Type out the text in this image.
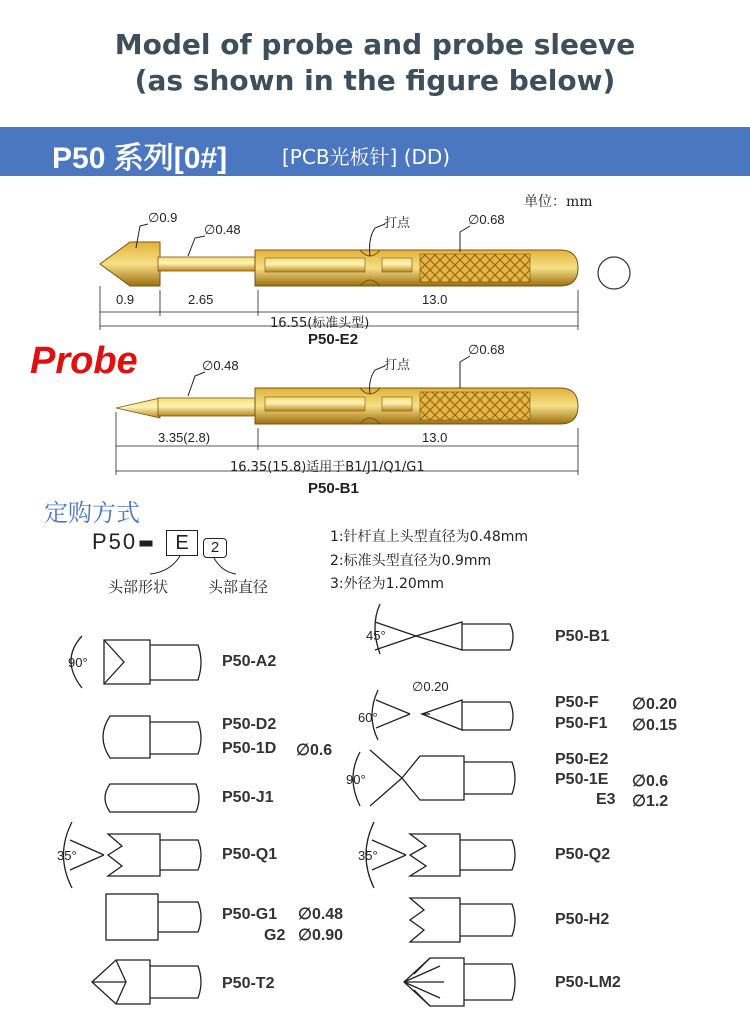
Model of probe and probe sleeve
(as shown in the figure below)
P50 系列[0#]	[PCB光板针] (DD)
单位：mm
∅0.9
∅0.48	打点	∅0.68
0.9	2.65	13.0
16.55(标准头型)
P50-E2
Probe	∅0.48	打点
∅0.68
3.35(2.8)	13.0
16.35(15.8)适用于B1/J1/Q1/G1
P50-B1
定购方式
P50	E	2
头部形状	头部直径
1:针杆直上头型直径为0.48mm
2:标准头型直径为0.9mm
3:外径为1.20mm
90°	P50-A2
P50-D2
P50-1D ∅0.6
P50-J1
35°	P50-Q1
P50-G1 ∅0.48
G2 ∅0.90
P50-T2
45°	P50-B1
∅0.20
60°
P50-F ∅0.20
P50-F1 ∅0.15
90°
P50-E2
P50-1E ∅0.6
E3 ∅1.2
35°	P50-Q2
P50-H2
P50-LM2
